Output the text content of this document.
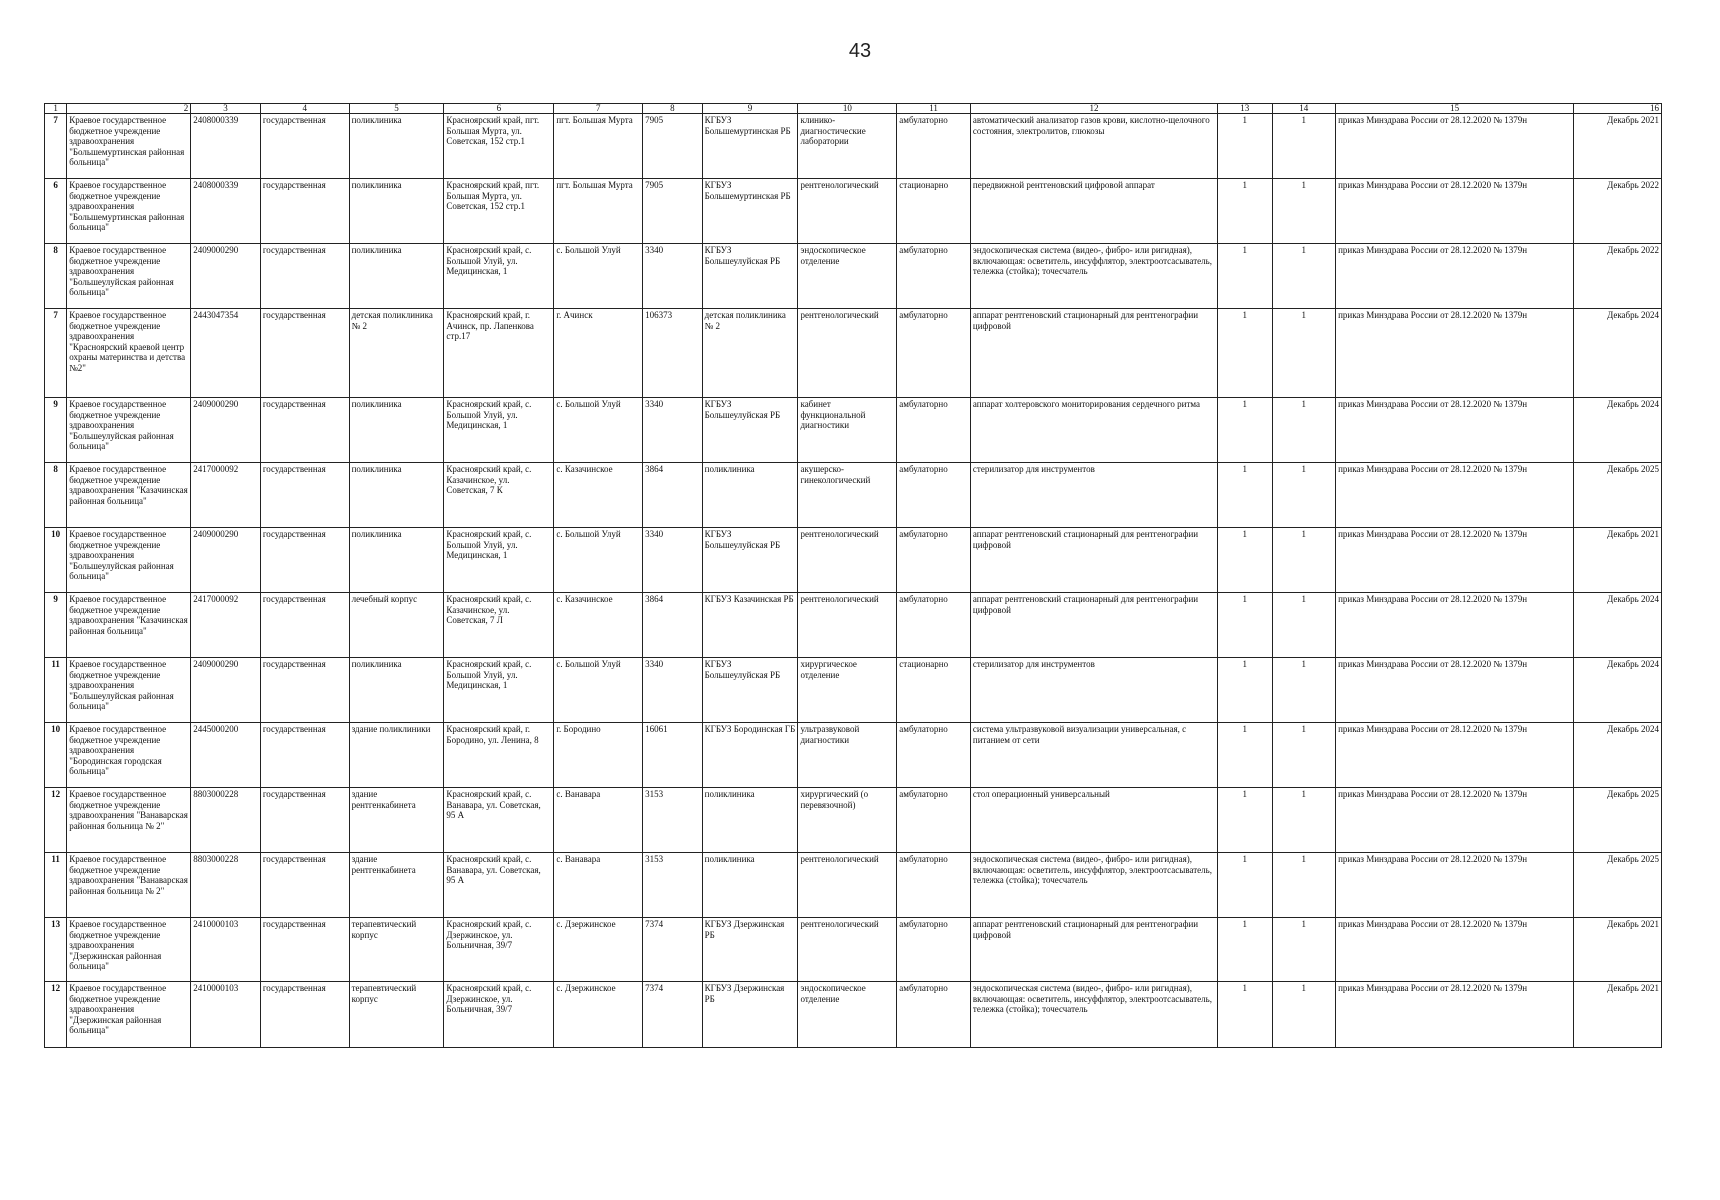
43
1	2	3	4	5	6	7	8	9	10	11	12	13	14	15	16
7	Краевое государственное бюджетное учреждение здравоохранения "Большемуртинская районная больница"	2408000339	государственная	поликлиника	Красноярский край, пгт. Большая Мурта, ул. Советская, 152 стр.1	пгт. Большая Мурта	7905	КГБУЗ Большемуртинская РБ	клинико-диагностические лаборатории	амбулаторно	автоматический анализатор газов крови, кислотно-щелочного состояния, электролитов, глюкозы	1	1	приказ Минздрава России от 28.12.2020 № 1379н	Декабрь 2021
6	Краевое государственное бюджетное учреждение здравоохранения "Большемуртинская районная больница"	2408000339	государственная	поликлиника	Красноярский край, пгт. Большая Мурта, ул. Советская, 152 стр.1	пгт. Большая Мурта	7905	КГБУЗ Большемуртинская РБ	рентгенологический	стационарно	передвижной рентгеновский цифровой аппарат	1	1	приказ Минздрава России от 28.12.2020 № 1379н	Декабрь 2022
8	Краевое государственное бюджетное учреждение здравоохранения "Большеулуйская районная больница"	2409000290	государственная	поликлиника	Красноярский край, с. Большой Улуй, ул. Медицинская, 1	с. Большой Улуй	3340	КГБУЗ Большеулуйская РБ	эндоскопическое отделение	амбулаторно	эндоскопическая система (видео-, фибро- или ригидная), включающая: осветитель, инсуффлятор, электроотсасыватель, тележка (стойка); точесчатель	1	1	приказ Минздрава России от 28.12.2020 № 1379н	Декабрь 2022
7	Краевое государственное бюджетное учреждение здравоохранения "Красноярский краевой центр охраны материнства и детства №2"	2443047354	государственная	детская поликлиника № 2	Красноярский край, г. Ачинск, пр. Лапенкова стр.17	г. Ачинск	106373	детская поликлиника № 2	рентгенологический	амбулаторно	аппарат рентгеновский стационарный для рентгенографии цифровой	1	1	приказ Минздрава России от 28.12.2020 № 1379н	Декабрь 2024
9	Краевое государственное бюджетное учреждение здравоохранения "Большеулуйская районная больница"	2409000290	государственная	поликлиника	Красноярский край, с. Большой Улуй, ул. Медицинская, 1	с. Большой Улуй	3340	КГБУЗ Большеулуйская РБ	кабинет функциональной диагностики	амбулаторно	аппарат холтеровского мониторирования сердечного ритма	1	1	приказ Минздрава России от 28.12.2020 № 1379н	Декабрь 2024
8	Краевое государственное бюджетное учреждение здравоохранения "Казачинская районная больница"	2417000092	государственная	поликлиника	Красноярский край, с. Казачинское, ул. Советская, 7 К	с. Казачинское	3864	поликлиника	акушерско-гинекологический	амбулаторно	стерилизатор для инструментов	1	1	приказ Минздрава России от 28.12.2020 № 1379н	Декабрь 2025
10	Краевое государственное бюджетное учреждение здравоохранения "Большеулуйская районная больница"	2409000290	государственная	поликлиника	Красноярский край, с. Большой Улуй, ул. Медицинская, 1	с. Большой Улуй	3340	КГБУЗ Большеулуйская РБ	рентгенологический	амбулаторно	аппарат рентгеновский стационарный для рентгенографии цифровой	1	1	приказ Минздрава России от 28.12.2020 № 1379н	Декабрь 2021
9	Краевое государственное бюджетное учреждение здравоохранения "Казачинская районная больница"	2417000092	государственная	лечебный корпус	Красноярский край, с. Казачинское, ул. Советская, 7 Л	с. Казачинское	3864	КГБУЗ Казачинская РБ	рентгенологический	амбулаторно	аппарат рентгеновский стационарный для рентгенографии цифровой	1	1	приказ Минздрава России от 28.12.2020 № 1379н	Декабрь 2024
11	Краевое государственное бюджетное учреждение здравоохранения "Большеулуйская районная больница"	2409000290	государственная	поликлиника	Красноярский край, с. Большой Улуй, ул. Медицинская, 1	с. Большой Улуй	3340	КГБУЗ Большеулуйская РБ	хирургическое отделение	стационарно	стерилизатор для инструментов	1	1	приказ Минздрава России от 28.12.2020 № 1379н	Декабрь 2024
10	Краевое государственное бюджетное учреждение здравоохранения "Бородинская городская больница"	2445000200	государственная	здание поликлиники	Красноярский край, г. Бородино, ул. Ленина, 8	г. Бородино	16061	КГБУЗ Бородинская ГБ	ультразвуковой диагностики	амбулаторно	система ультразвуковой визуализации универсальная, с питанием от сети	1	1	приказ Минздрава России от 28.12.2020 № 1379н	Декабрь 2024
12	Краевое государственное бюджетное учреждение здравоохранения "Ванаварская районная больница № 2"	8803000228	государственная	здание рентгенкабинета	Красноярский край, с. Ванавара, ул. Советская, 95 А	с. Ванавара	3153	поликлиника	хирургический (о перевязочной)	амбулаторно	стол операционный универсальный	1	1	приказ Минздрава России от 28.12.2020 № 1379н	Декабрь 2025
11	Краевое государственное бюджетное учреждение здравоохранения "Ванаварская районная больница № 2"	8803000228	государственная	здание рентгенкабинета	Красноярский край, с. Ванавара, ул. Советская, 95 А	с. Ванавара	3153	поликлиника	рентгенологический	амбулаторно	эндоскопическая система (видео-, фибро- или ригидная), включающая: осветитель, инсуффлятор, электроотсасыватель, тележка (стойка); точесчатель	1	1	приказ Минздрава России от 28.12.2020 № 1379н	Декабрь 2025
13	Краевое государственное бюджетное учреждение здравоохранения "Дзержинская районная больница"	2410000103	государственная	терапевтический корпус	Красноярский край, с. Дзержинское, ул. Больничная, 39/7	с. Дзержинское	7374	КГБУЗ Дзержинская РБ	рентгенологический	амбулаторно	аппарат рентгеновский стационарный для рентгенографии цифровой	1	1	приказ Минздрава России от 28.12.2020 № 1379н	Декабрь 2021
12	Краевое государственное бюджетное учреждение здравоохранения "Дзержинская районная больница"	2410000103	государственная	терапевтический корпус	Красноярский край, с. Дзержинское, ул. Больничная, 39/7	с. Дзержинское	7374	КГБУЗ Дзержинская РБ	эндоскопическое отделение	амбулаторно	эндоскопическая система (видео-, фибро- или ригидная), включающая: осветитель, инсуффлятор, электроотсасыватель, тележка (стойка); точесчатель	1	1	приказ Минздрава России от 28.12.2020 № 1379н	Декабрь 2021
